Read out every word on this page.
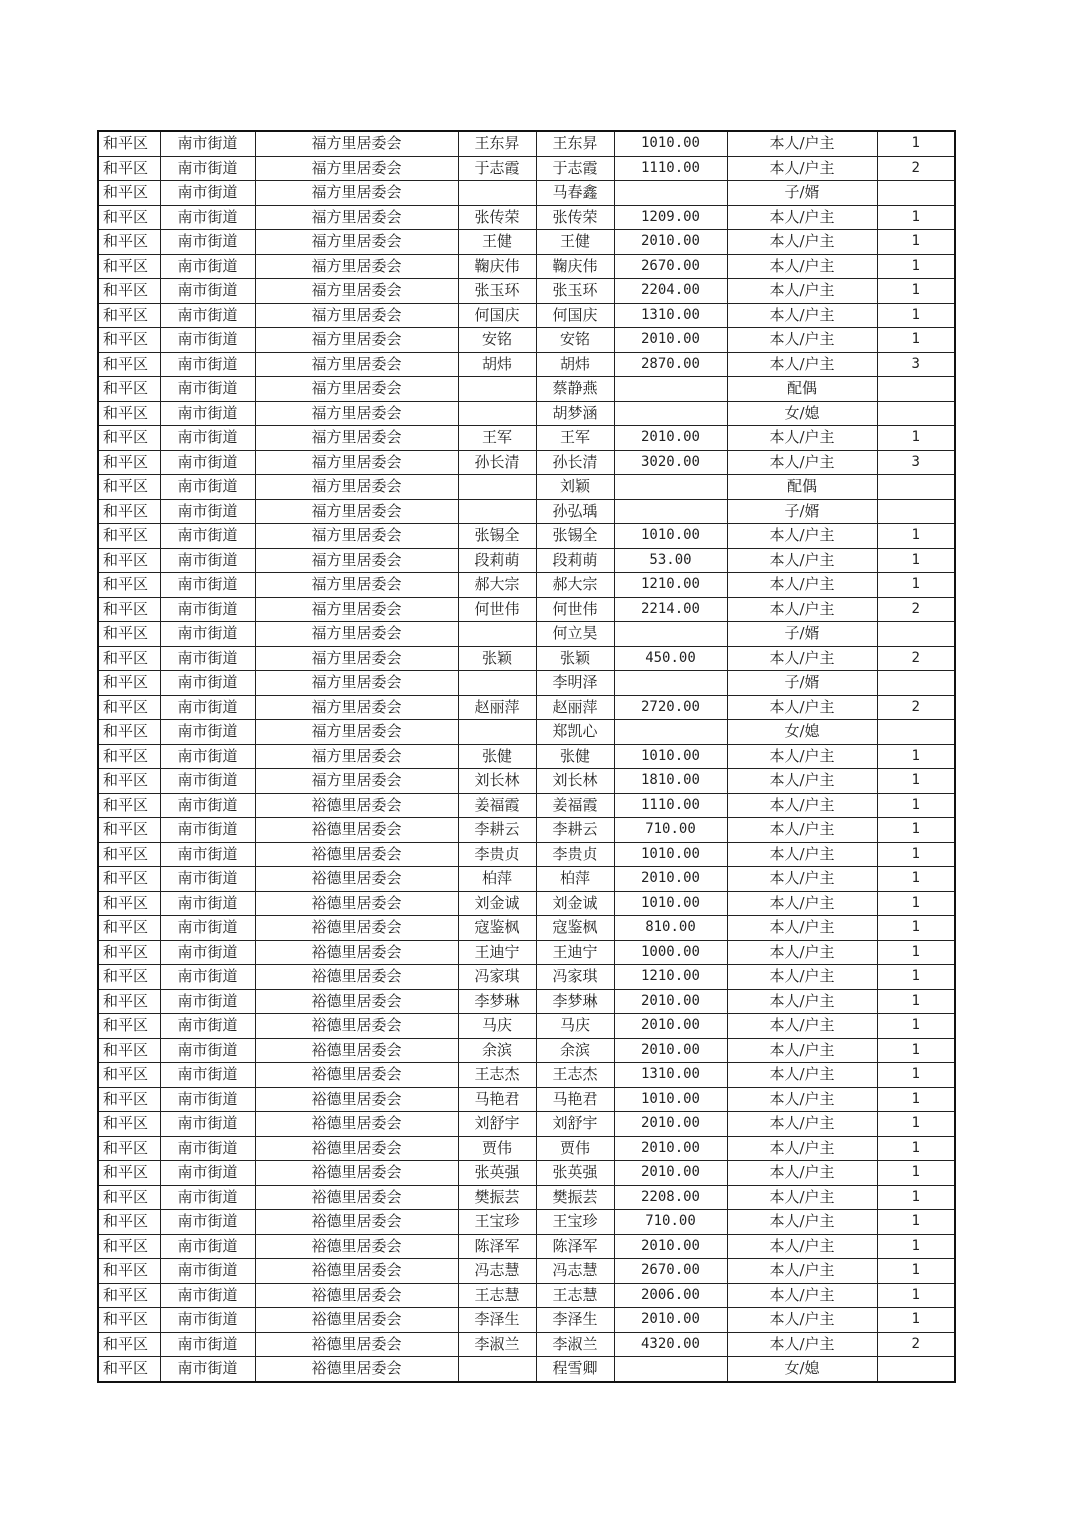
和平区	南市街道	福方里居委会	王东昇	王东昇	1010.00	本人/户主	1
和平区	南市街道	福方里居委会	于志霞	于志霞	1110.00	本人/户主	2
和平区	南市街道	福方里居委会		马春鑫		子/婿	
和平区	南市街道	福方里居委会	张传荣	张传荣	1209.00	本人/户主	1
和平区	南市街道	福方里居委会	王健	王健	2010.00	本人/户主	1
和平区	南市街道	福方里居委会	鞠庆伟	鞠庆伟	2670.00	本人/户主	1
和平区	南市街道	福方里居委会	张玉环	张玉环	2204.00	本人/户主	1
和平区	南市街道	福方里居委会	何国庆	何国庆	1310.00	本人/户主	1
和平区	南市街道	福方里居委会	安铭	安铭	2010.00	本人/户主	1
和平区	南市街道	福方里居委会	胡炜	胡炜	2870.00	本人/户主	3
和平区	南市街道	福方里居委会		蔡静燕		配偶	
和平区	南市街道	福方里居委会		胡梦涵		女/媳	
和平区	南市街道	福方里居委会	王军	王军	2010.00	本人/户主	1
和平区	南市街道	福方里居委会	孙长清	孙长清	3020.00	本人/户主	3
和平区	南市街道	福方里居委会		刘颖		配偶	
和平区	南市街道	福方里居委会		孙弘瑀		子/婿	
和平区	南市街道	福方里居委会	张锡全	张锡全	1010.00	本人/户主	1
和平区	南市街道	福方里居委会	段莉萌	段莉萌	53.00	本人/户主	1
和平区	南市街道	福方里居委会	郝大宗	郝大宗	1210.00	本人/户主	1
和平区	南市街道	福方里居委会	何世伟	何世伟	2214.00	本人/户主	2
和平区	南市街道	福方里居委会		何立昊		子/婿	
和平区	南市街道	福方里居委会	张颖	张颖	450.00	本人/户主	2
和平区	南市街道	福方里居委会		李明泽		子/婿	
和平区	南市街道	福方里居委会	赵丽萍	赵丽萍	2720.00	本人/户主	2
和平区	南市街道	福方里居委会		郑凯心		女/媳	
和平区	南市街道	福方里居委会	张健	张健	1010.00	本人/户主	1
和平区	南市街道	福方里居委会	刘长林	刘长林	1810.00	本人/户主	1
和平区	南市街道	裕德里居委会	姜福霞	姜福霞	1110.00	本人/户主	1
和平区	南市街道	裕德里居委会	李耕云	李耕云	710.00	本人/户主	1
和平区	南市街道	裕德里居委会	李贵贞	李贵贞	1010.00	本人/户主	1
和平区	南市街道	裕德里居委会	柏萍	柏萍	2010.00	本人/户主	1
和平区	南市街道	裕德里居委会	刘金诚	刘金诚	1010.00	本人/户主	1
和平区	南市街道	裕德里居委会	寇鉴枫	寇鉴枫	810.00	本人/户主	1
和平区	南市街道	裕德里居委会	王迪宁	王迪宁	1000.00	本人/户主	1
和平区	南市街道	裕德里居委会	冯家琪	冯家琪	1210.00	本人/户主	1
和平区	南市街道	裕德里居委会	李梦琳	李梦琳	2010.00	本人/户主	1
和平区	南市街道	裕德里居委会	马庆	马庆	2010.00	本人/户主	1
和平区	南市街道	裕德里居委会	余滨	余滨	2010.00	本人/户主	1
和平区	南市街道	裕德里居委会	王志杰	王志杰	1310.00	本人/户主	1
和平区	南市街道	裕德里居委会	马艳君	马艳君	1010.00	本人/户主	1
和平区	南市街道	裕德里居委会	刘舒宇	刘舒宇	2010.00	本人/户主	1
和平区	南市街道	裕德里居委会	贾伟	贾伟	2010.00	本人/户主	1
和平区	南市街道	裕德里居委会	张英强	张英强	2010.00	本人/户主	1
和平区	南市街道	裕德里居委会	樊振芸	樊振芸	2208.00	本人/户主	1
和平区	南市街道	裕德里居委会	王宝珍	王宝珍	710.00	本人/户主	1
和平区	南市街道	裕德里居委会	陈泽军	陈泽军	2010.00	本人/户主	1
和平区	南市街道	裕德里居委会	冯志慧	冯志慧	2670.00	本人/户主	1
和平区	南市街道	裕德里居委会	王志慧	王志慧	2006.00	本人/户主	1
和平区	南市街道	裕德里居委会	李泽生	李泽生	2010.00	本人/户主	1
和平区	南市街道	裕德里居委会	李淑兰	李淑兰	4320.00	本人/户主	2
和平区	南市街道	裕德里居委会		程雪卿		女/媳	
